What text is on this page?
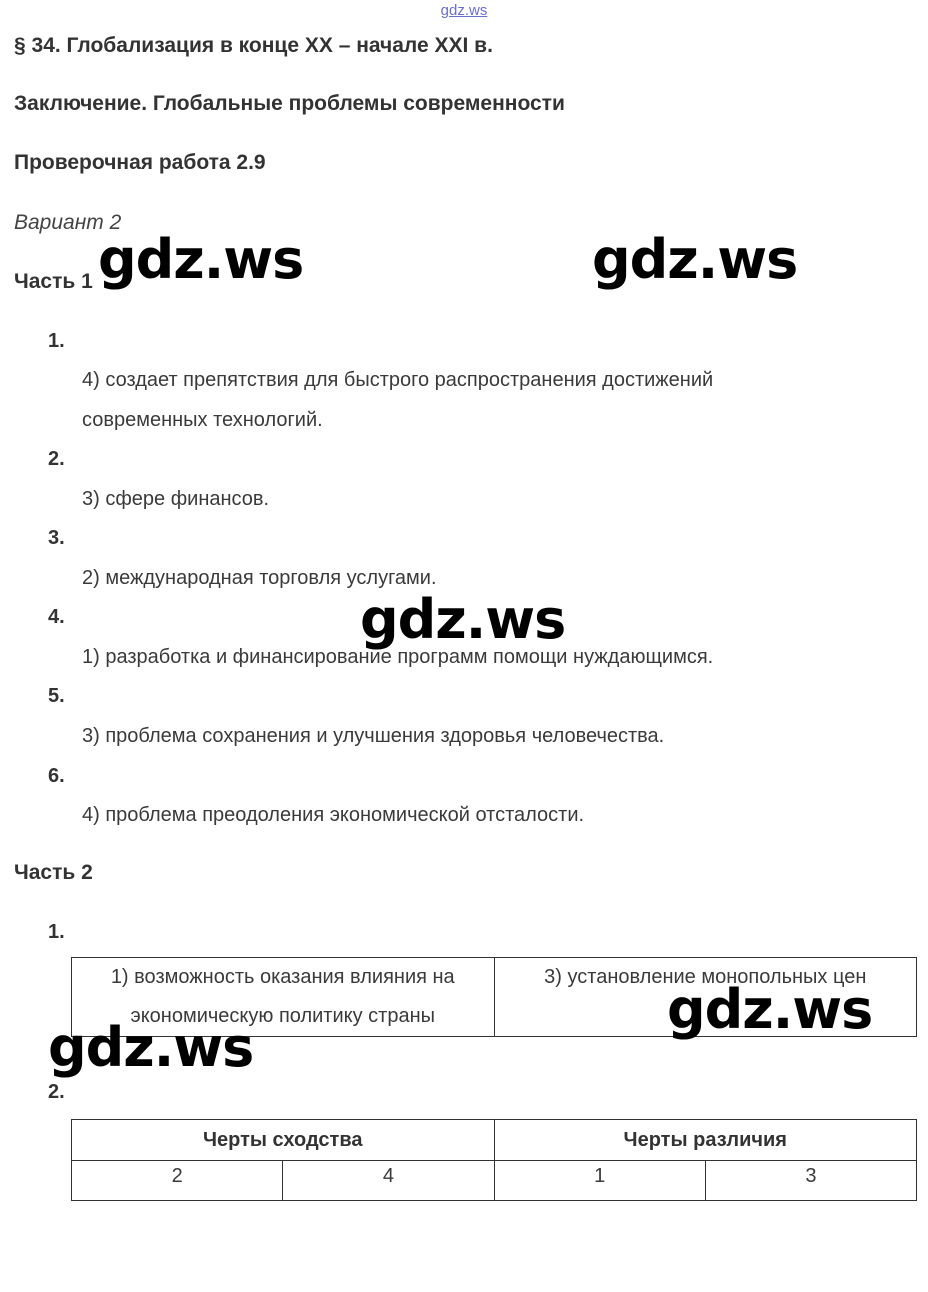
gdz.ws
§ 34. Глобализация в конце ХХ – начале XXI в.
Заключение. Глобальные проблемы современности
Проверочная работа 2.9
Вариант 2
Часть 1
1.
4) создает препятствия для быстрого распространения достижений
современных технологий.
2.
3) сфере финансов.
3.
2) международная торговля услугами.
4.
1) разработка и финансирование программ помощи нуждающимся.
5.
3) проблема сохранения и улучшения здоровья человечества.
6.
4) проблема преодоления экономической отсталости.
Часть 2
1.
1) возможность оказания влияния на экономическую политику страны	3) установление монопольных цен
2.
Черты сходства		Черты различия	
2	4	1	3
gdz.ws	gdz.ws
gdz.ws
gdz.ws
gdz.ws
